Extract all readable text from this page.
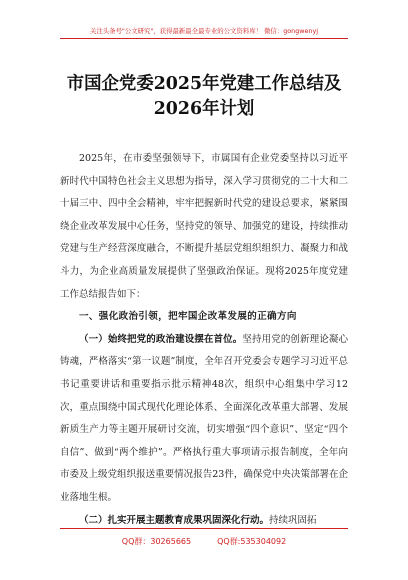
关注头条号"公文研究"，获得最新最全最专业的公文资料库！ 微信：gongwenyj
市国企党委2025年党建工作总结及2026年计划

2025年，在市委坚强领导下，市属国有企业党委坚持以习近平新时代中国特色社会主义思想为指导，深入学习贯彻党的二十大和二十届三中、四中全会精神，牢牢把握新时代党的建设总要求，紧紧围绕企业改革发展中心任务，坚持党的领导、加强党的建设，持续推动党建与生产经营深度融合，不断提升基层党组织组织力、凝聚力和战斗力，为企业高质量发展提供了坚强政治保证。现将2025年度党建工作总结报告如下：

一、强化政治引领，把牢国企改革发展的正确方向

（一）始终把党的政治建设摆在首位。坚持用党的创新理论凝心铸魂，严格落实“第一议题”制度，全年召开党委会专题学习习近平总书记重要讲话和重要指示批示精神48次，组织中心组集中学习12次，重点围绕中国式现代化理论体系、全面深化改革重大部署、发展新质生产力等主题开展研讨交流，切实增强“四个意识”、坚定“四个自信”、做到“两个维护”。严格执行重大事项请示报告制度，全年向市委及上级党组织报送重要情况报告23件，确保党中央决策部署在企业落地生根。

（二）扎实开展主题教育成果巩固深化行动。持续巩固拓

QQ群：30265665	QQ群:535304092
